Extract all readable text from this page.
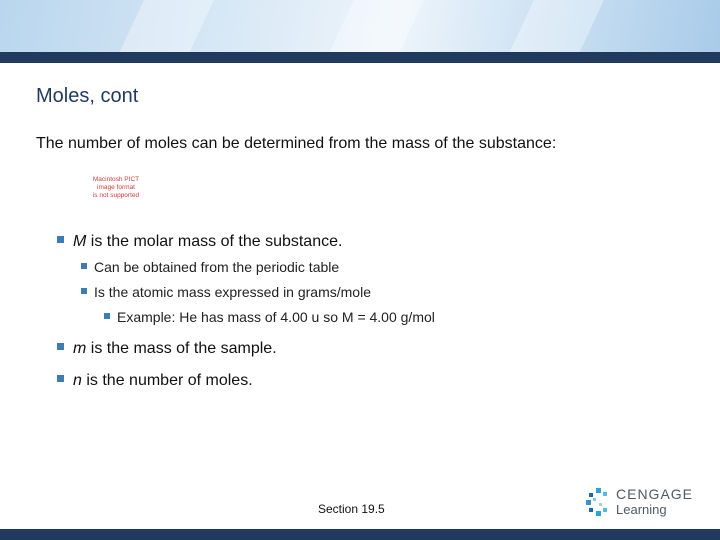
Moles, cont
The number of moles can be determined from the mass of the substance:
Macintosh PICT
image format
is not supported
M is the molar mass of the substance.
Can be obtained from the periodic table
Is the atomic mass expressed in grams/mole
Example: He has mass of 4.00 u so M = 4.00 g/mol
m is the mass of the sample.
n is the number of moles.
Section 19.5
CENGAGE
Learning
